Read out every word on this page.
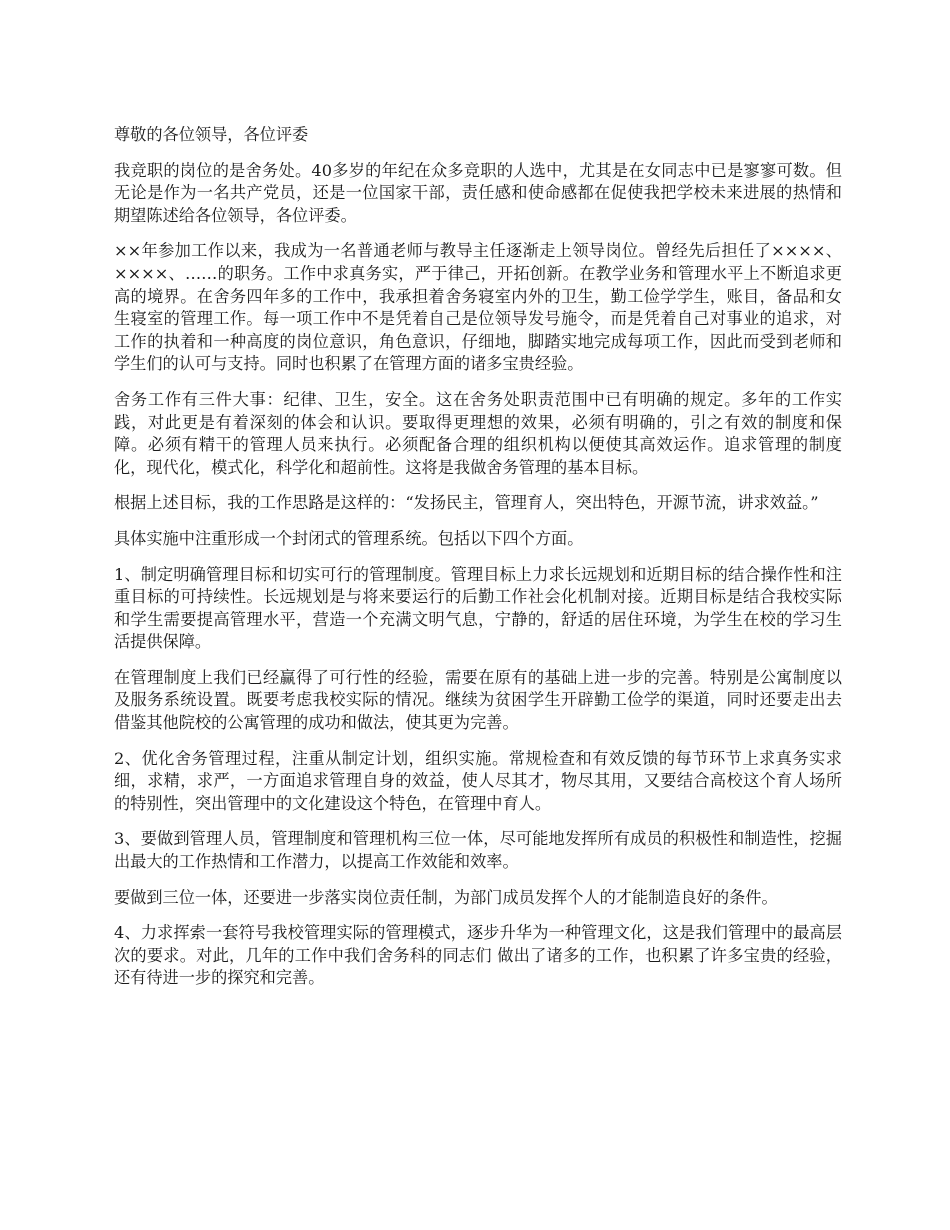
尊敬的各位领导，各位评委

我竞职的岗位的是舍务处。40多岁的年纪在众多竞职的人选中，尤其是在女同志中已是寥寥可数。但无论是作为一名共产党员，还是一位国家干部，责任感和使命感都在促使我把学校未来进展的热情和期望陈述给各位领导，各位评委。

××年参加工作以来，我成为一名普通老师与教导主任逐渐走上领导岗位。曾经先后担任了××××、××××、……的职务。工作中求真务实，严于律己，开拓创新。在教学业务和管理水平上不断追求更高的境界。在舍务四年多的工作中，我承担着舍务寝室内外的卫生，勤工俭学学生，账目，备品和女生寝室的管理工作。每一项工作中不是凭着自己是位领导发号施令，而是凭着自己对事业的追求，对工作的执着和一种高度的岗位意识，角色意识，仔细地，脚踏实地完成每项工作，因此而受到老师和学生们的认可与支持。同时也积累了在管理方面的诸多宝贵经验。

舍务工作有三件大事：纪律、卫生，安全。这在舍务处职责范围中已有明确的规定。多年的工作实践，对此更是有着深刻的体会和认识。要取得更理想的效果，必须有明确的，引之有效的制度和保障。必须有精干的管理人员来执行。必须配备合理的组织机构以便使其高效运作。追求管理的制度化，现代化，模式化，科学化和超前性。这将是我做舍务管理的基本目标。

根据上述目标，我的工作思路是这样的：“发扬民主，管理育人，突出特色，开源节流，讲求效益。”

具体实施中注重形成一个封闭式的管理系统。包括以下四个方面。

1、制定明确管理目标和切实可行的管理制度。管理目标上力求长远规划和近期目标的结合操作性和注重目标的可持续性。长远规划是与将来要运行的后勤工作社会化机制对接。近期目标是结合我校实际和学生需要提高管理水平，营造一个充满文明气息，宁静的，舒适的居住环境，为学生在校的学习生活提供保障。

在管理制度上我们已经赢得了可行性的经验，需要在原有的基础上进一步的完善。特别是公寓制度以及服务系统设置。既要考虑我校实际的情况。继续为贫困学生开辟勤工俭学的渠道，同时还要走出去借鉴其他院校的公寓管理的成功和做法，使其更为完善。

2、优化舍务管理过程，注重从制定计划，组织实施。常规检查和有效反馈的每节环节上求真务实求细，求精，求严，一方面追求管理自身的效益，使人尽其才，物尽其用，又要结合高校这个育人场所的特别性，突出管理中的文化建设这个特色，在管理中育人。

3、要做到管理人员，管理制度和管理机构三位一体，尽可能地发挥所有成员的积极性和制造性，挖掘出最大的工作热情和工作潜力，以提高工作效能和效率。

要做到三位一体，还要进一步落实岗位责任制，为部门成员发挥个人的才能制造良好的条件。

4、力求挥索一套符号我校管理实际的管理模式，逐步升华为一种管理文化，这是我们管理中的最高层次的要求。对此，几年的工作中我们舍务科的同志们 做出了诸多的工作，也积累了许多宝贵的经验，还有待进一步的探究和完善。
